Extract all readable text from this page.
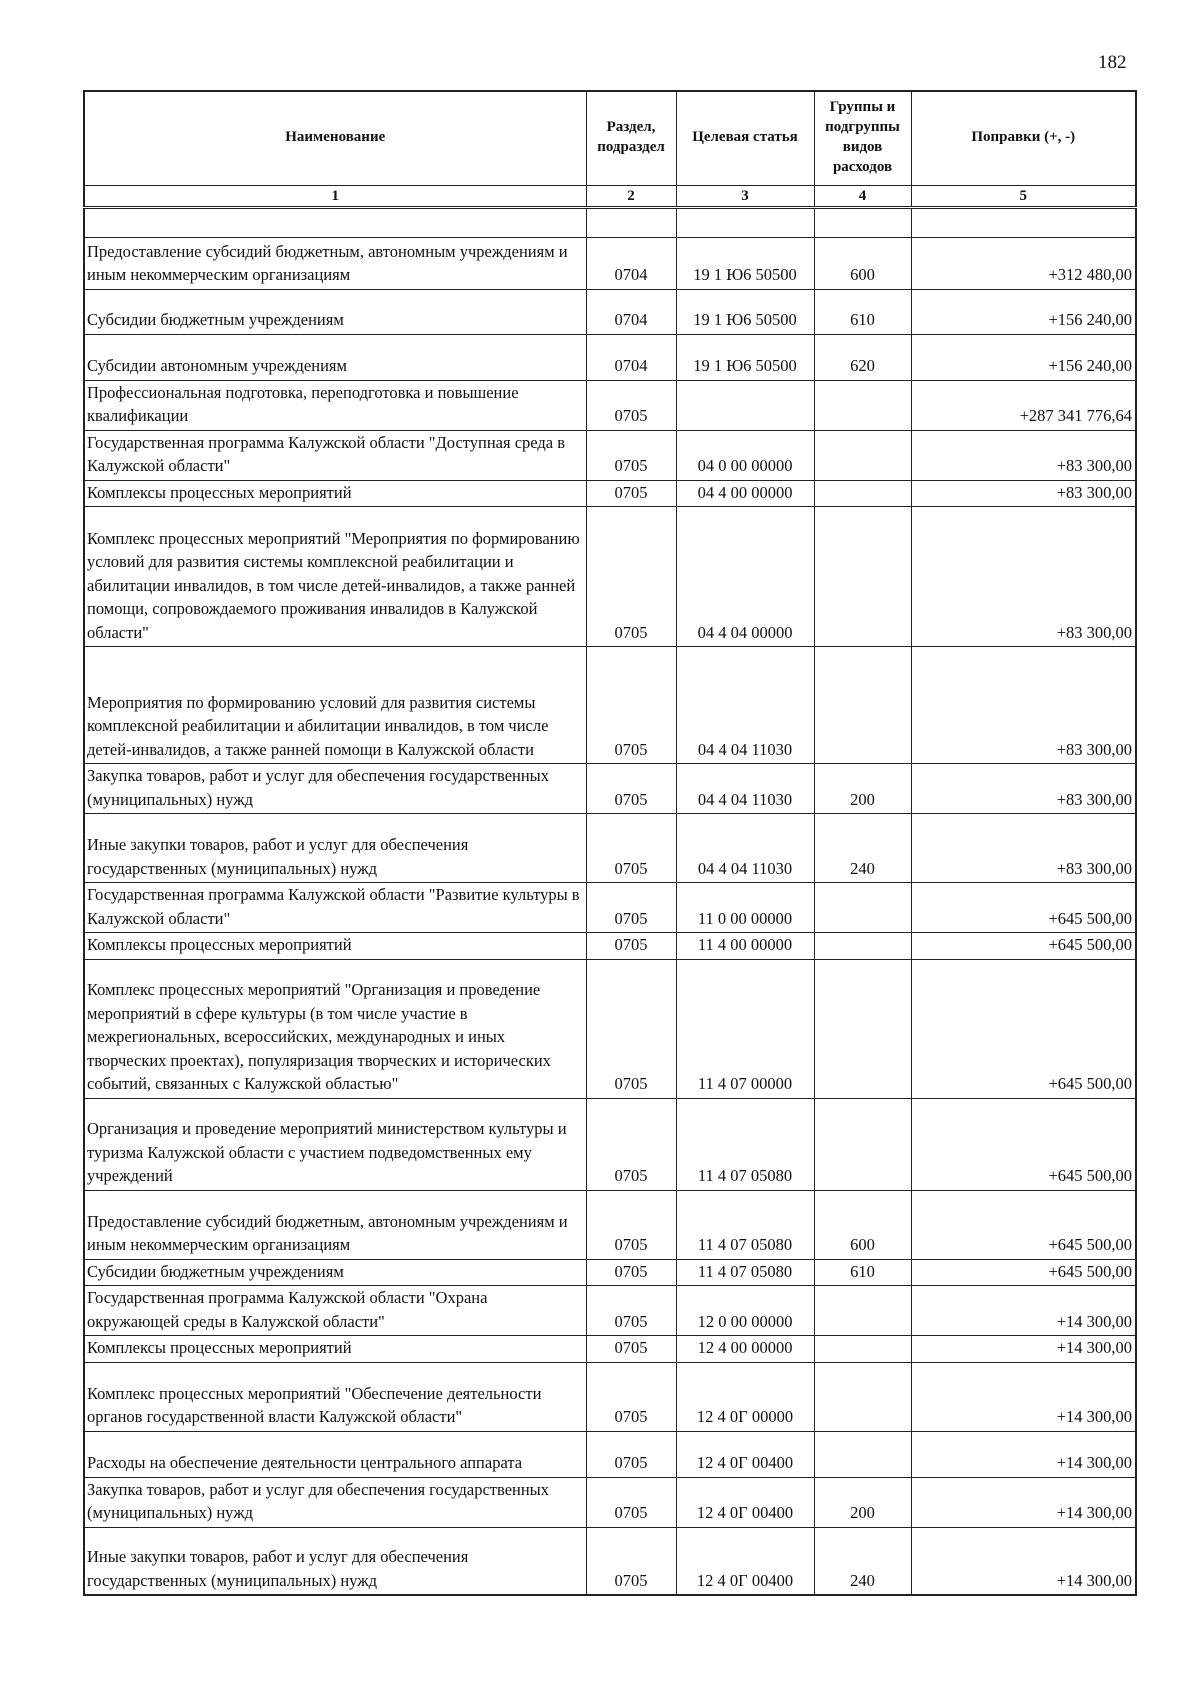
182
Наименование	Раздел, подраздел	Целевая статья	Группы и подгруппы видов расходов	Поправки (+, -)
1	2	3	4	5

Предоставление субсидий бюджетным, автономным учреждениям и иным некоммерческим организациям	0704	19 1 Ю6 50500	600	+312 480,00
Субсидии бюджетным учреждениям	0704	19 1 Ю6 50500	610	+156 240,00
Субсидии автономным учреждениям	0704	19 1 Ю6 50500	620	+156 240,00
Профессиональная подготовка, переподготовка и повышение квалификации	0705			+287 341 776,64
Государственная программа Калужской области "Доступная среда в Калужской области"	0705	04 0 00 00000		+83 300,00
Комплексы процессных мероприятий	0705	04 4 00 00000		+83 300,00
Комплекс процессных мероприятий "Мероприятия по формированию условий для развития системы комплексной реабилитации и абилитации инвалидов, в том числе детей-инвалидов, а также ранней помощи, сопровождаемого проживания инвалидов в Калужской области"	0705	04 4 04 00000		+83 300,00
Мероприятия по формированию условий для развития системы комплексной реабилитации и абилитации инвалидов, в том числе детей-инвалидов, а также ранней помощи в Калужской области	0705	04 4 04 11030		+83 300,00
Закупка товаров, работ и услуг для обеспечения государственных (муниципальных) нужд	0705	04 4 04 11030	200	+83 300,00
Иные закупки товаров, работ и услуг для обеспечения государственных (муниципальных) нужд	0705	04 4 04 11030	240	+83 300,00
Государственная программа Калужской области "Развитие культуры в Калужской области"	0705	11 0 00 00000		+645 500,00
Комплексы процессных мероприятий	0705	11 4 00 00000		+645 500,00
Комплекс процессных мероприятий "Организация и проведение мероприятий в сфере культуры (в том числе участие в межрегиональных, всероссийских, международных и иных творческих проектах), популяризация творческих и исторических событий, связанных с Калужской областью"	0705	11 4 07 00000		+645 500,00
Организация и проведение мероприятий министерством культуры и туризма Калужской области с участием подведомственных ему учреждений	0705	11 4 07 05080		+645 500,00
Предоставление субсидий бюджетным, автономным учреждениям и иным некоммерческим организациям	0705	11 4 07 05080	600	+645 500,00
Субсидии бюджетным учреждениям	0705	11 4 07 05080	610	+645 500,00
Государственная программа Калужской области "Охрана окружающей среды в Калужской области"	0705	12 0 00 00000		+14 300,00
Комплексы процессных мероприятий	0705	12 4 00 00000		+14 300,00
Комплекс процессных мероприятий "Обеспечение деятельности органов государственной власти Калужской области"	0705	12 4 0Г 00000		+14 300,00
Расходы на обеспечение деятельности центрального аппарата	0705	12 4 0Г 00400		+14 300,00
Закупка товаров, работ и услуг для обеспечения государственных (муниципальных) нужд	0705	12 4 0Г 00400	200	+14 300,00
Иные закупки товаров, работ и услуг для обеспечения государственных (муниципальных) нужд	0705	12 4 0Г 00400	240	+14 300,00
